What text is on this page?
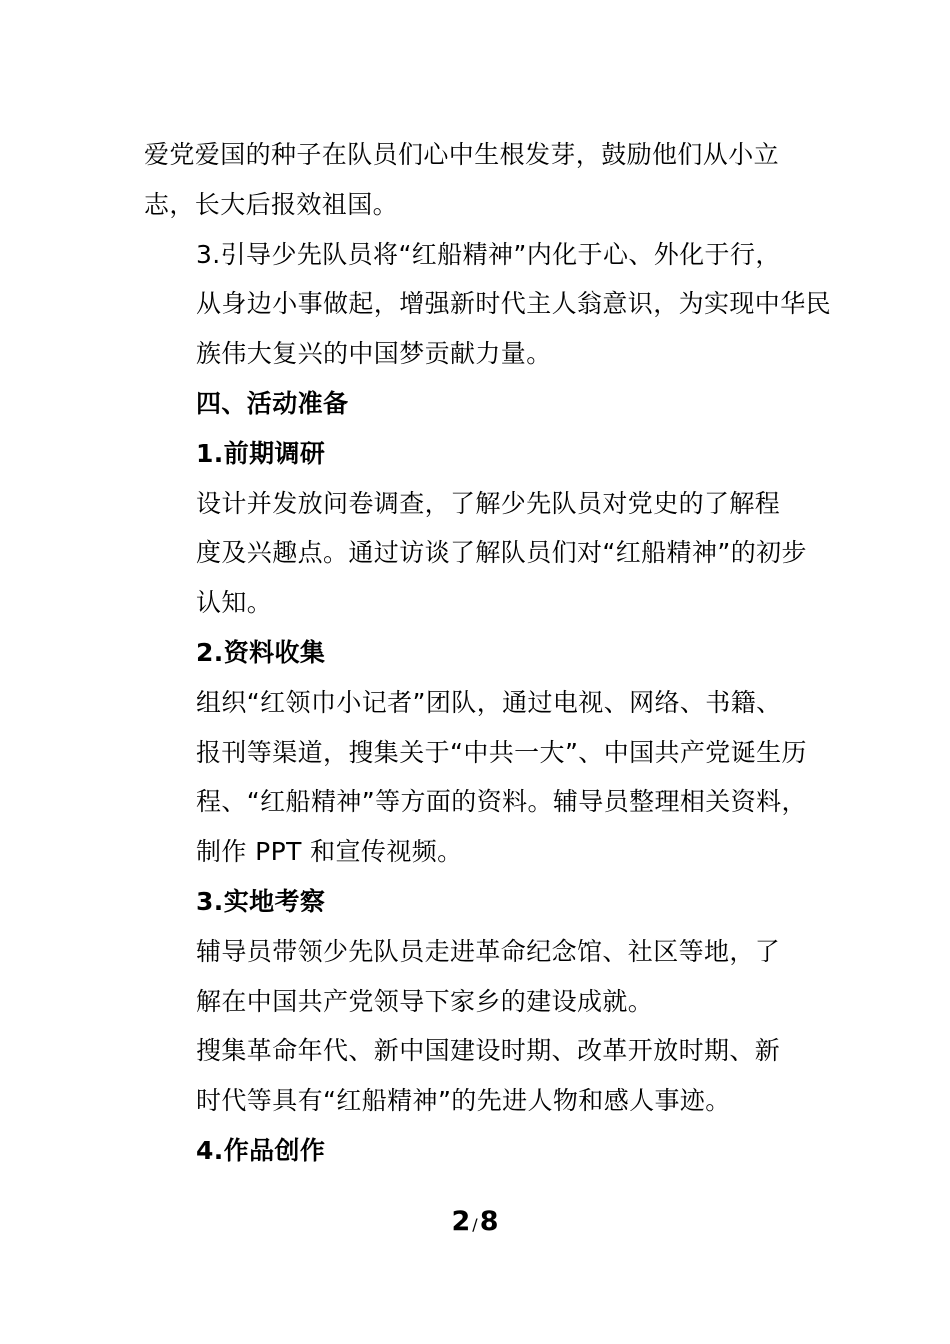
爱党爱国的种子在队员们心中生根发芽，鼓励他们从小立
志，长大后报效祖国。

3.引导少先队员将“红船精神”内化于心、外化于行，
从身边小事做起，增强新时代主人翁意识，为实现中华民
族伟大复兴的中国梦贡献力量。

四、活动准备

1.前期调研

设计并发放问卷调查，了解少先队员对党史的了解程
度及兴趣点。通过访谈了解队员们对“红船精神”的初步
认知。

2.资料收集

组织“红领巾小记者”团队，通过电视、网络、书籍、
报刊等渠道，搜集关于“中共一大”、中国共产党诞生历
程、“红船精神”等方面的资料。辅导员整理相关资料，
制作 PPT 和宣传视频。

3.实地考察

辅导员带领少先队员走进革命纪念馆、社区等地，了
解在中国共产党领导下家乡的建设成就。

搜集革命年代、新中国建设时期、改革开放时期、新
时代等具有“红船精神”的先进人物和感人事迹。

4.作品创作

2 /8
